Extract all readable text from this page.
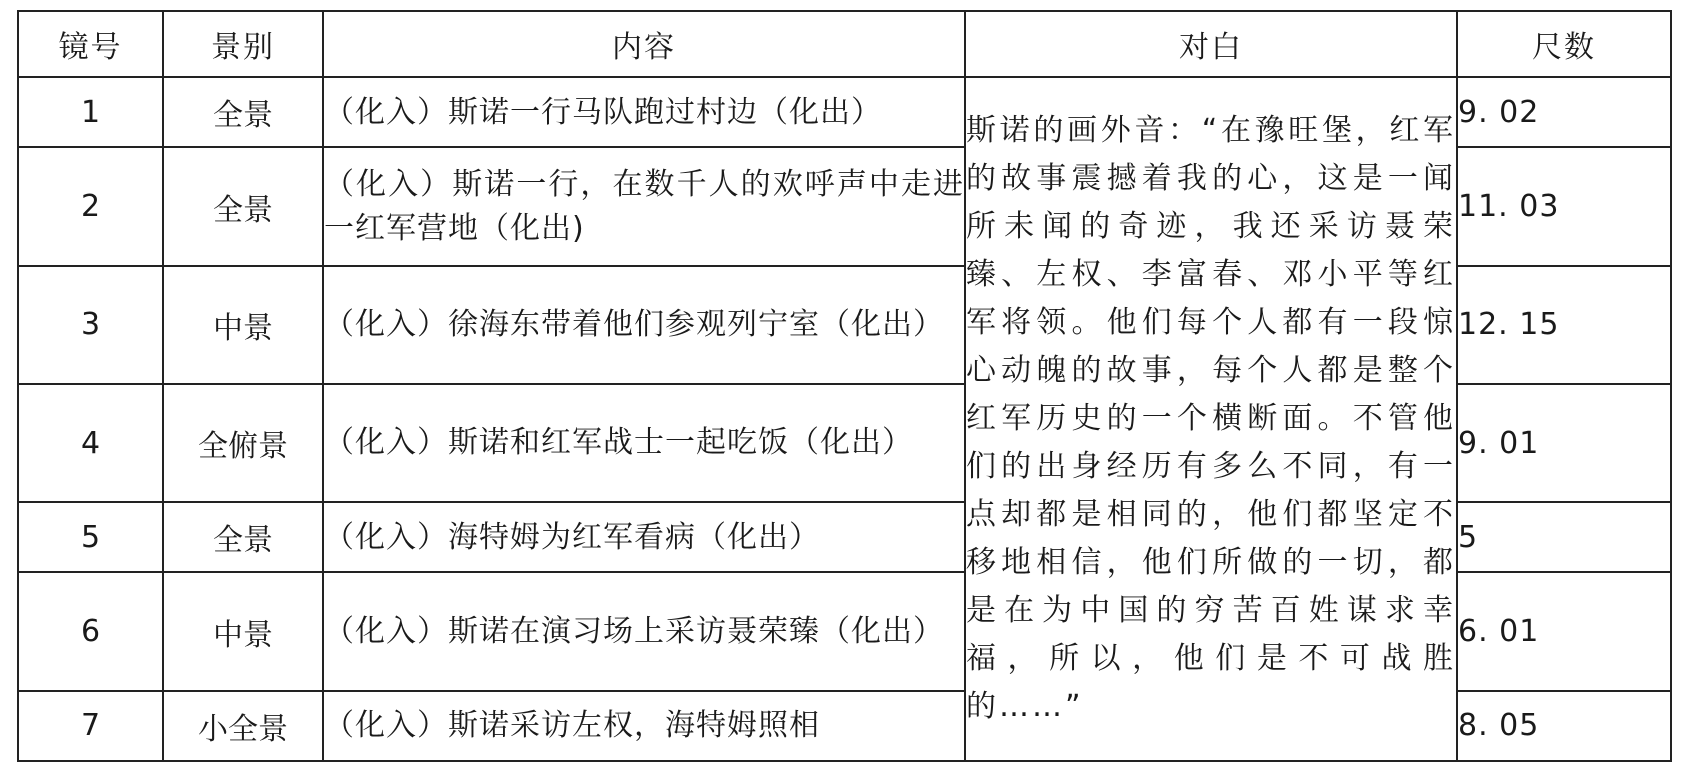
镜号	景别	内容	对白	尺数
1	全景	（化入）斯诺一行马队跑过村边（化出）	斯诺的画外音：“在豫旺堡，红军的故事震撼着我的心，这是一闻所未闻的奇迹，我还采访聂荣臻、左权、李富春、邓小平等红军将领。他们每个人都有一段惊心动魄的故事，每个人都是整个红军历史的一个横断面。不管他们的出身经历有多么不同，有一 点却都是相同的，他们都坚定不移地相信，他们所做的一切，都是在为中国的穷苦百姓谋求幸福，所以，他们是不可战胜的……”	9. 02
2	全景	（化入）斯诺一行，在数千人的欢呼声中走进一红军营地（化出)		11. 03
3	中景	（化入）徐海东带着他们参观列宁室（化出）		12. 15
4	全俯景	（化入）斯诺和红军战士一起吃饭（化出）		9. 01
5	全景	（化入）海特姆为红军看病（化出）		5
6	中景	（化入）斯诺在演习场上采访聂荣臻（化出）		6. 01
7	小全景	（化入）斯诺采访左权，海特姆照相		8. 05
